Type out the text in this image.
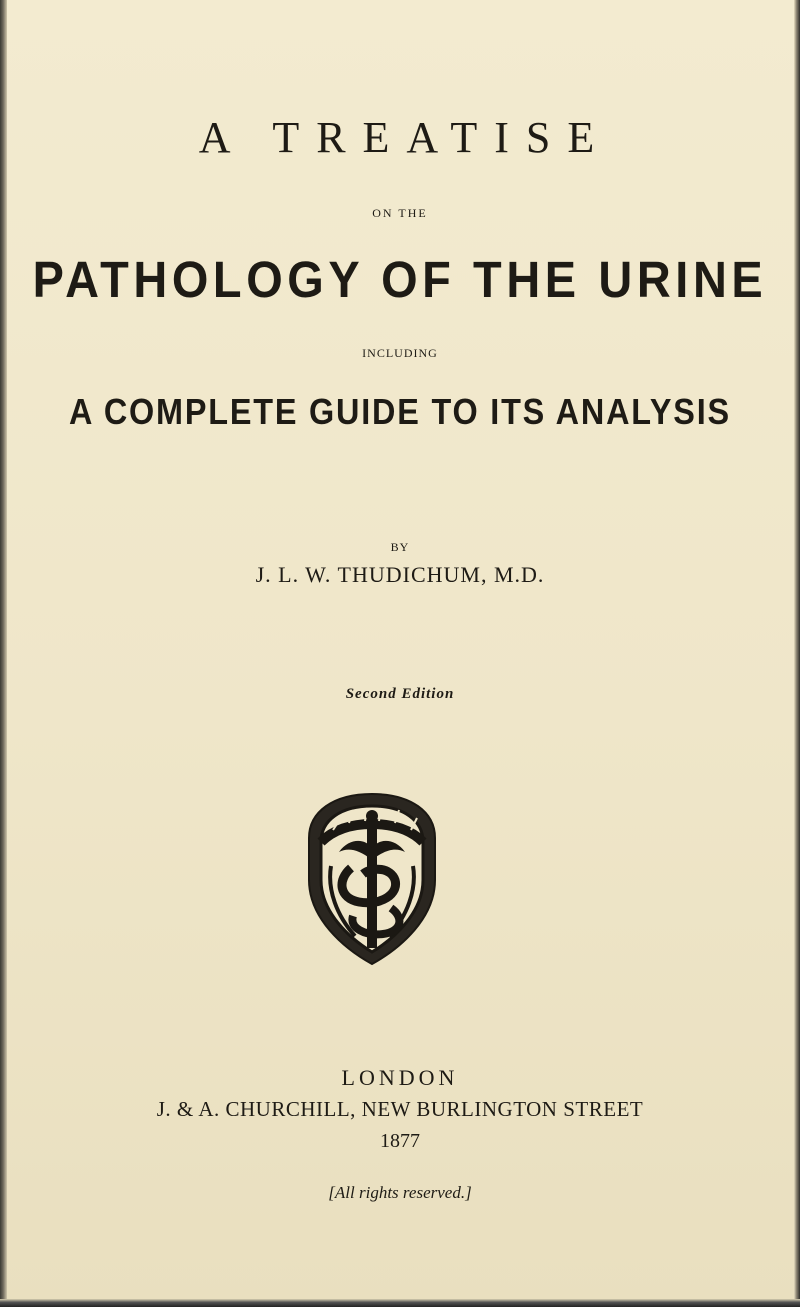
A TREATISE
ON THE
PATHOLOGY OF THE URINE
INCLUDING
A COMPLETE GUIDE TO ITS ANALYSIS
BY
J. L. W. THUDICHUM, M.D.
Second Edition
LONDON
J. & A. CHURCHILL, NEW BURLINGTON STREET
1877
[All rights reserved.]
